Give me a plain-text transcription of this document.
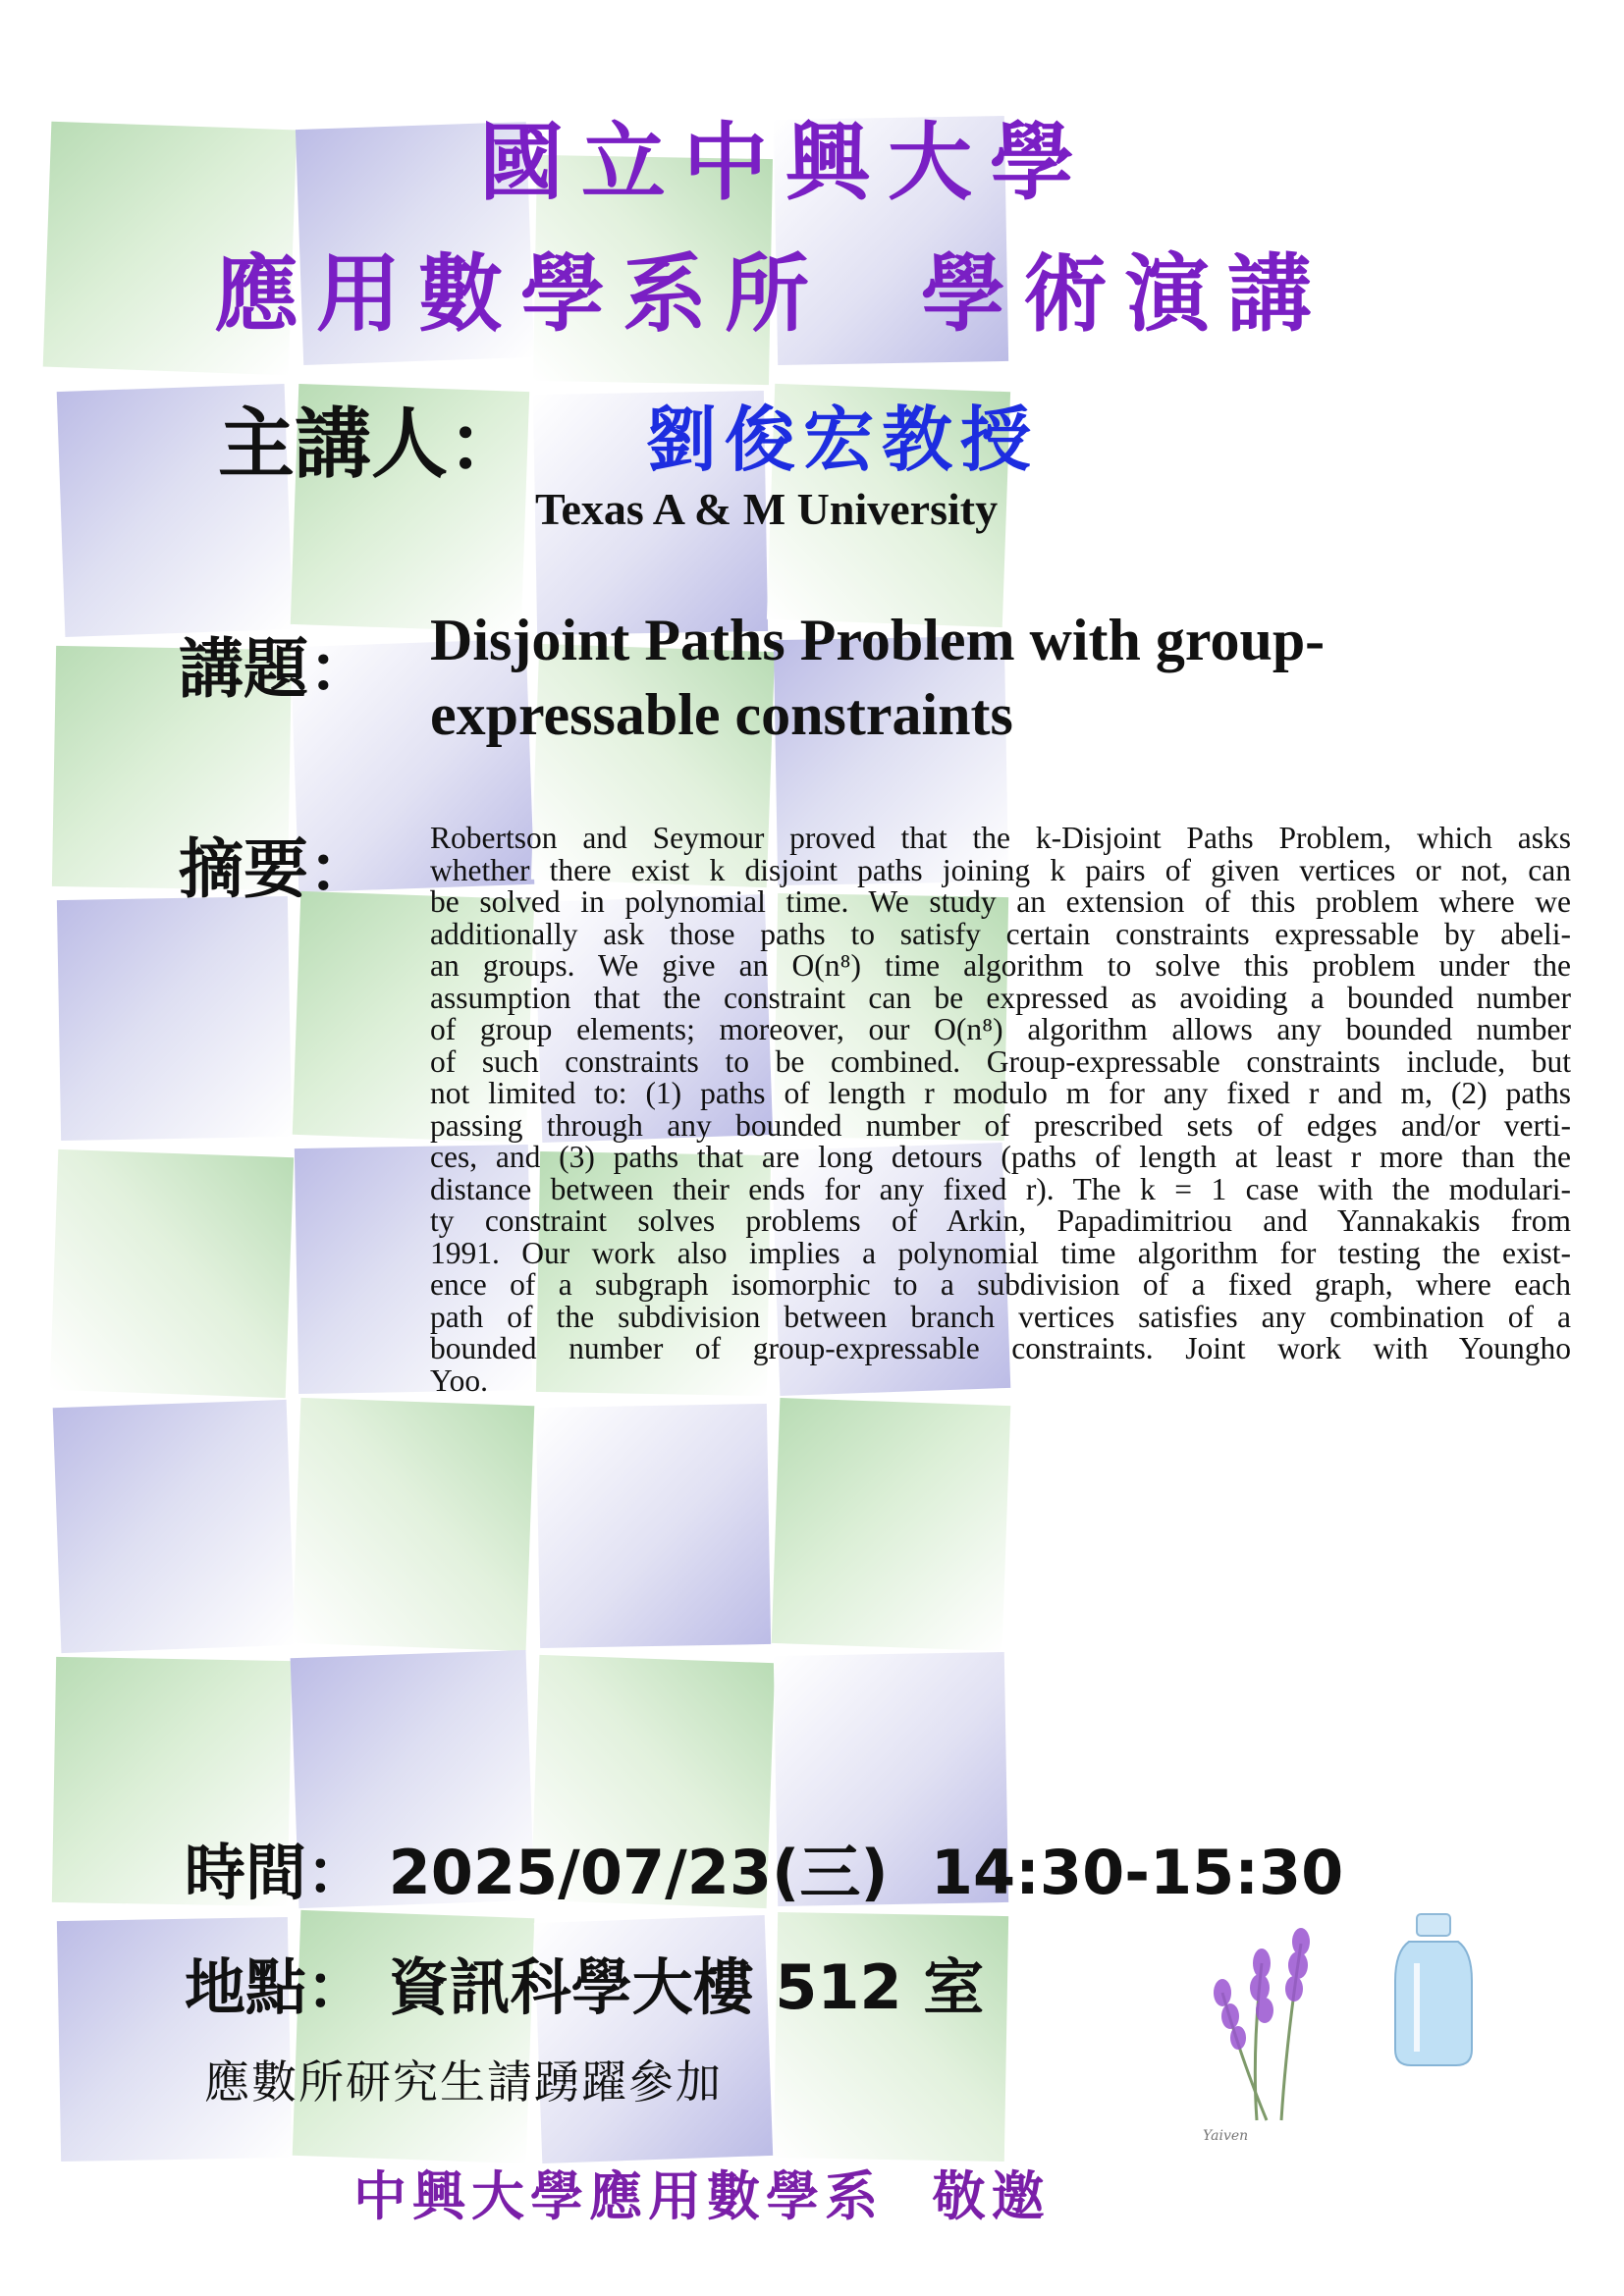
國立中興大學
應用數學系所  學術演講
主講人： 劉俊宏教授
Texas A & M University
講題： Disjoint Paths Problem with group-
expressable constraints
摘要： Robertson and Seymour proved that the k-Disjoint Paths Problem, which asks

whether there exist k disjoint paths joining k pairs of given vertices or not, can

be solved in polynomial time. We study an extension of this problem where we

additionally ask those paths to satisfy certain constraints expressable by abeli-

an groups. We give an O(n⁸) time algorithm to solve this problem under the

assumption that the constraint can be expressed as avoiding a bounded number

of group elements; moreover, our O(n⁸) algorithm allows any bounded number

of such constraints to be combined. Group-expressable constraints include, but

not limited to: (1) paths of length r modulo m for any fixed r and m, (2) paths

passing through any bounded number of prescribed sets of edges and/or verti-

ces, and (3) paths that are long detours (paths of length at least r more than the

distance between their ends for any fixed r). The k = 1 case with the modulari-

ty constraint solves problems of Arkin, Papadimitriou and Yannakakis from

1991. Our work also implies a polynomial time algorithm for testing the exist-

ence of a subgraph isomorphic to a subdivision of a fixed graph, where each

path of the subdivision between branch vertices satisfies any combination of a

bounded number of group-expressable constraints. Joint work with Youngho

Yoo.

時間： 2025/07/23(三)  14:30-15:30
地點： 資訊科學大樓 512 室
應數所研究生請踴躍參加
Yaiven
中興大學應用數學系  敬邀
